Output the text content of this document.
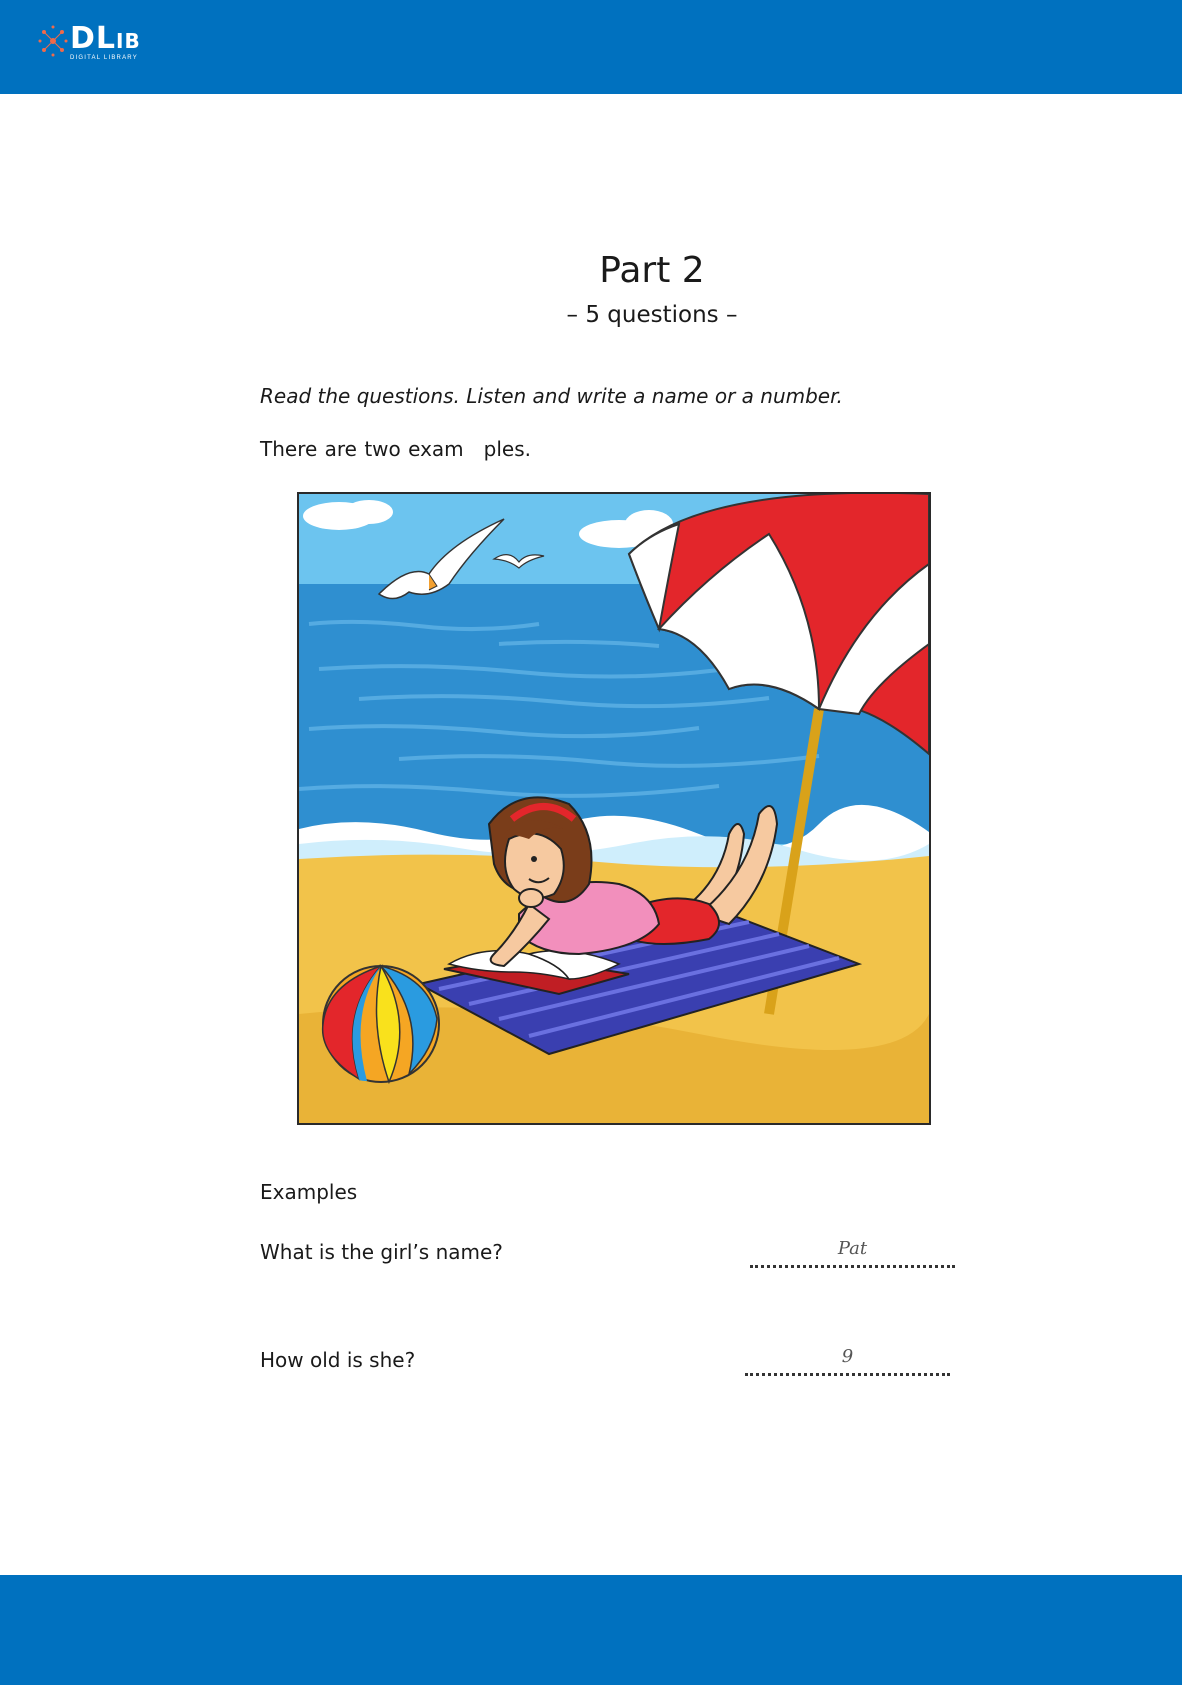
DLIB
DIGITAL LIBRARY
Part 2
– 5 questions –
Read the questions. Listen and write a name or a number.
There are two exam ples.
Examples
What is the girl’s name?	Pat
How old is she?	9
